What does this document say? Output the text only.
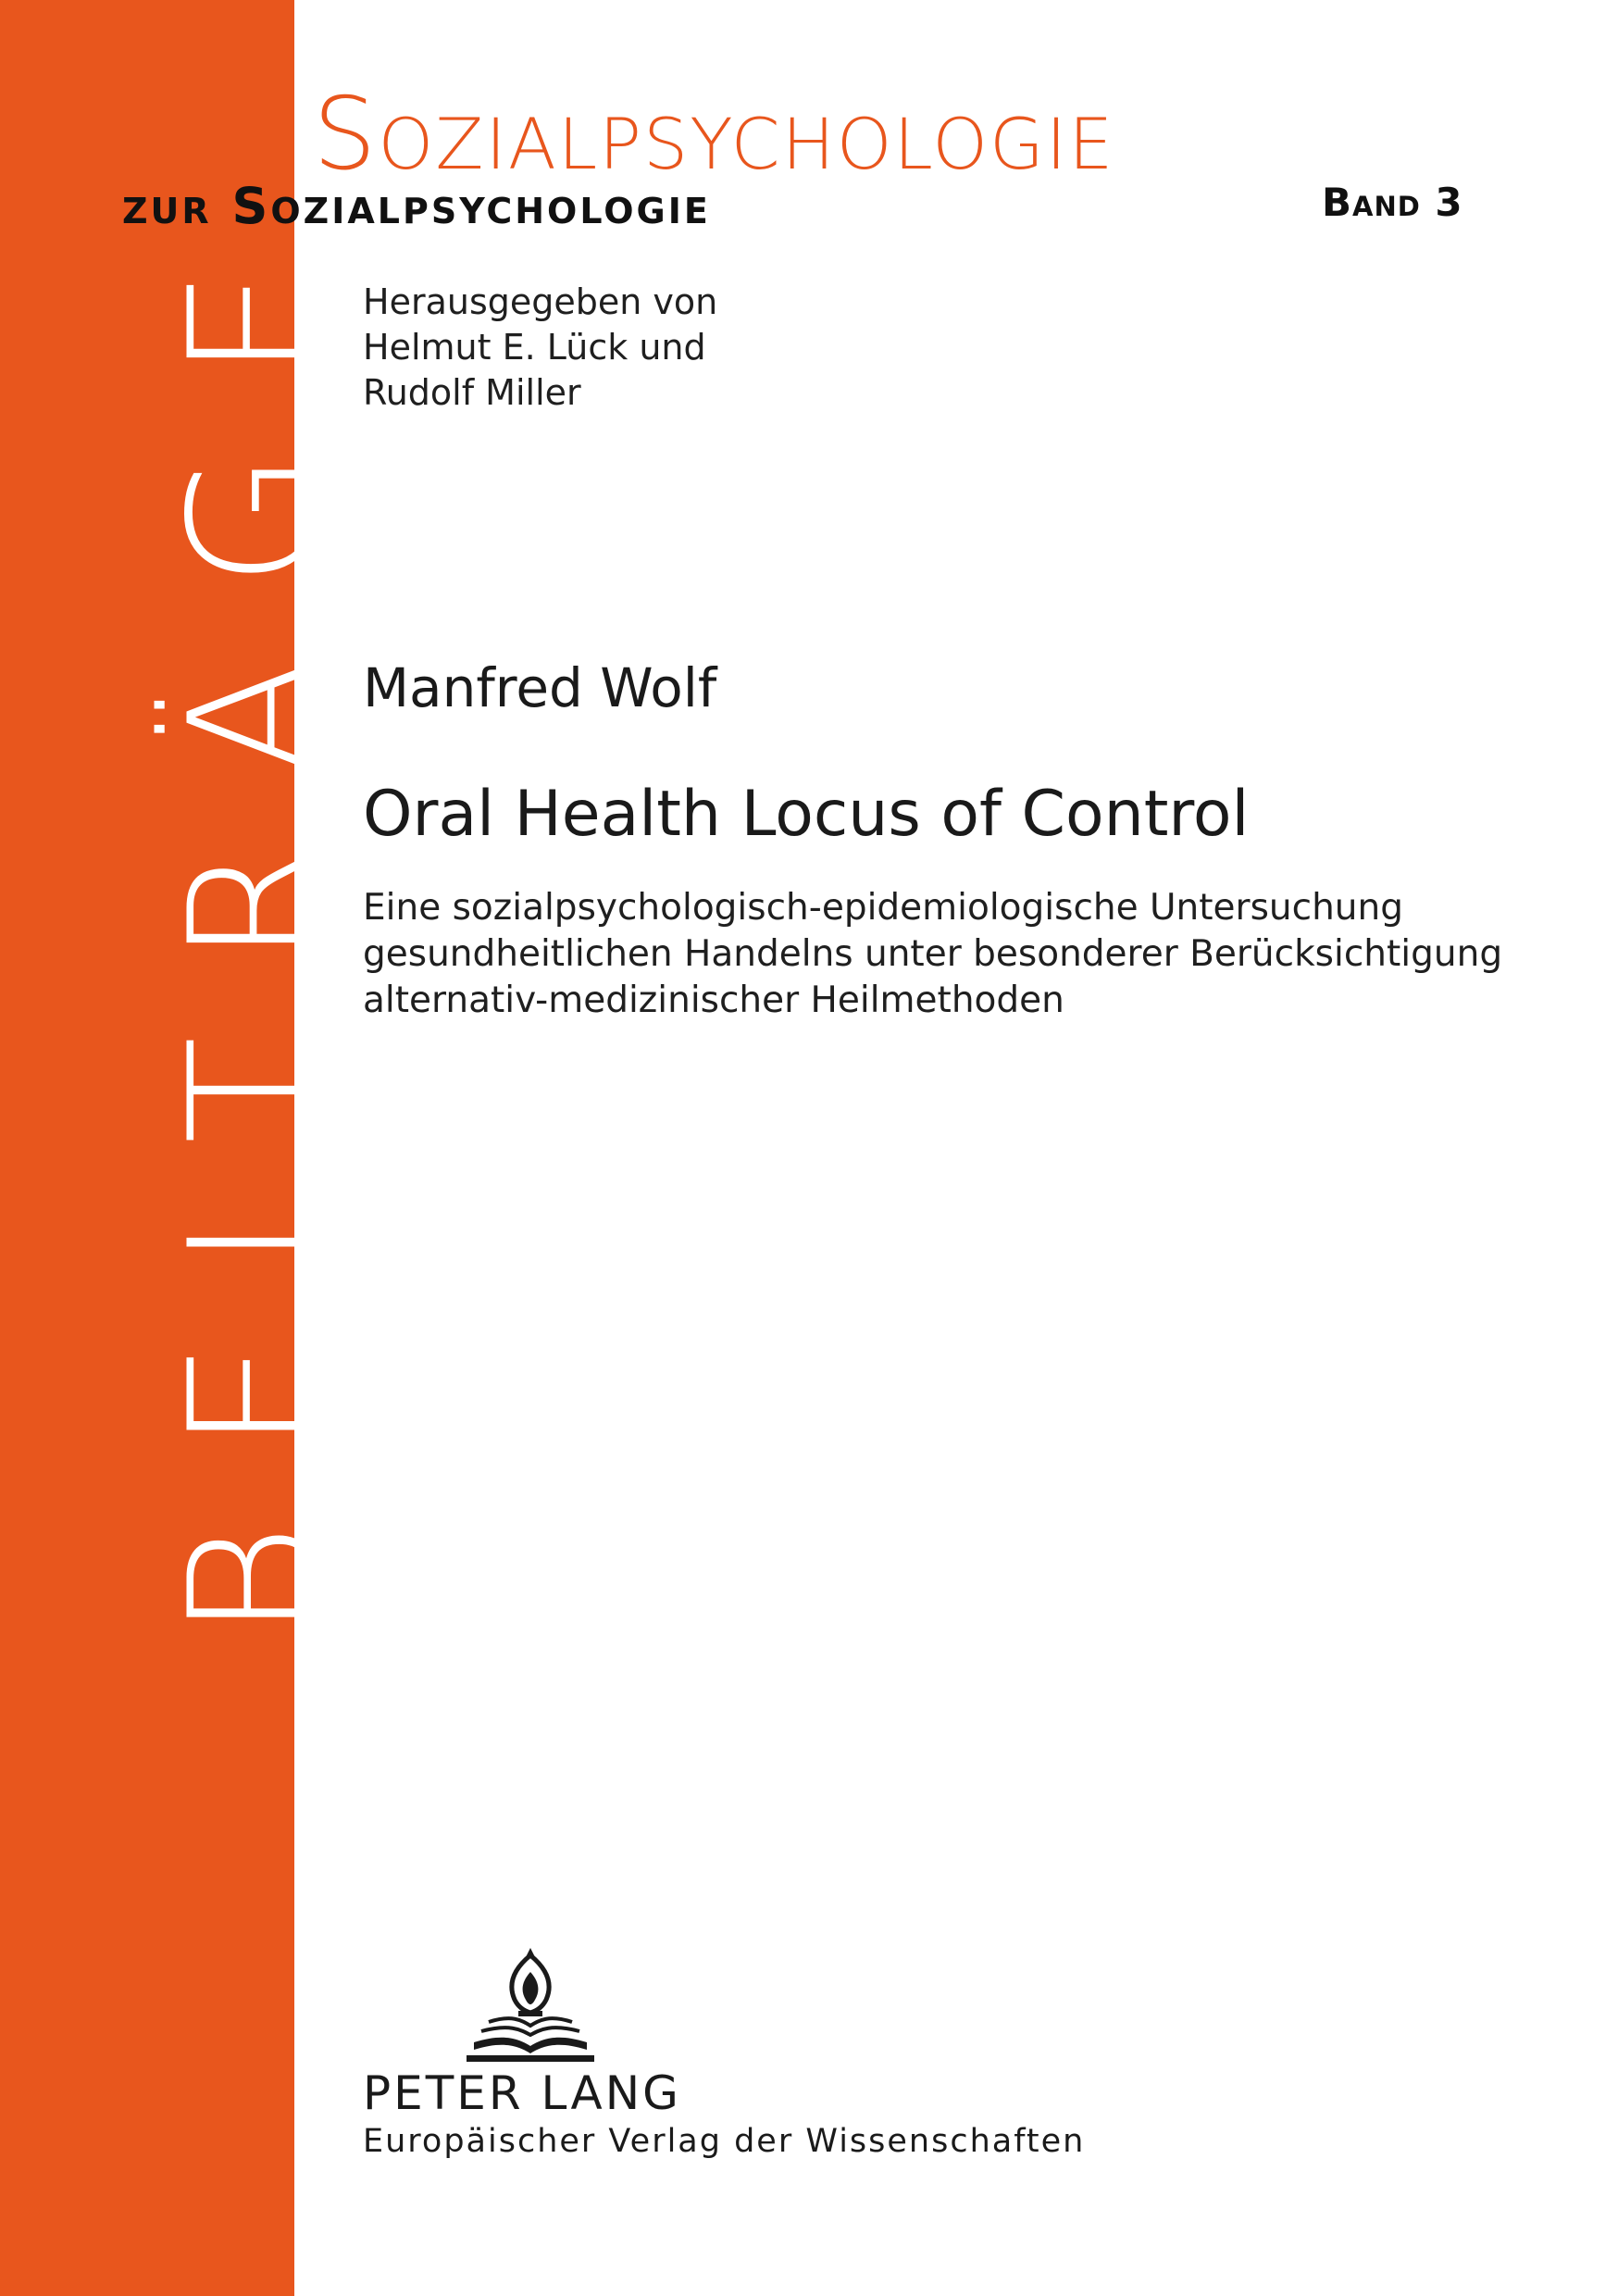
BEITRÄGE
Sozialpsychologie
zur Sozialpsychologie	Band 3
Herausgegeben von
Helmut E. Lück und
Rudolf Miller
Manfred Wolf
Oral Health Locus of Control
Eine sozialpsychologisch-epidemiologische Untersuchung
gesundheitlichen Handelns unter besonderer Berücksichtigung
alternativ-medizinischer Heilmethoden
PETER LANG
Europäischer Verlag der Wissenschaften
